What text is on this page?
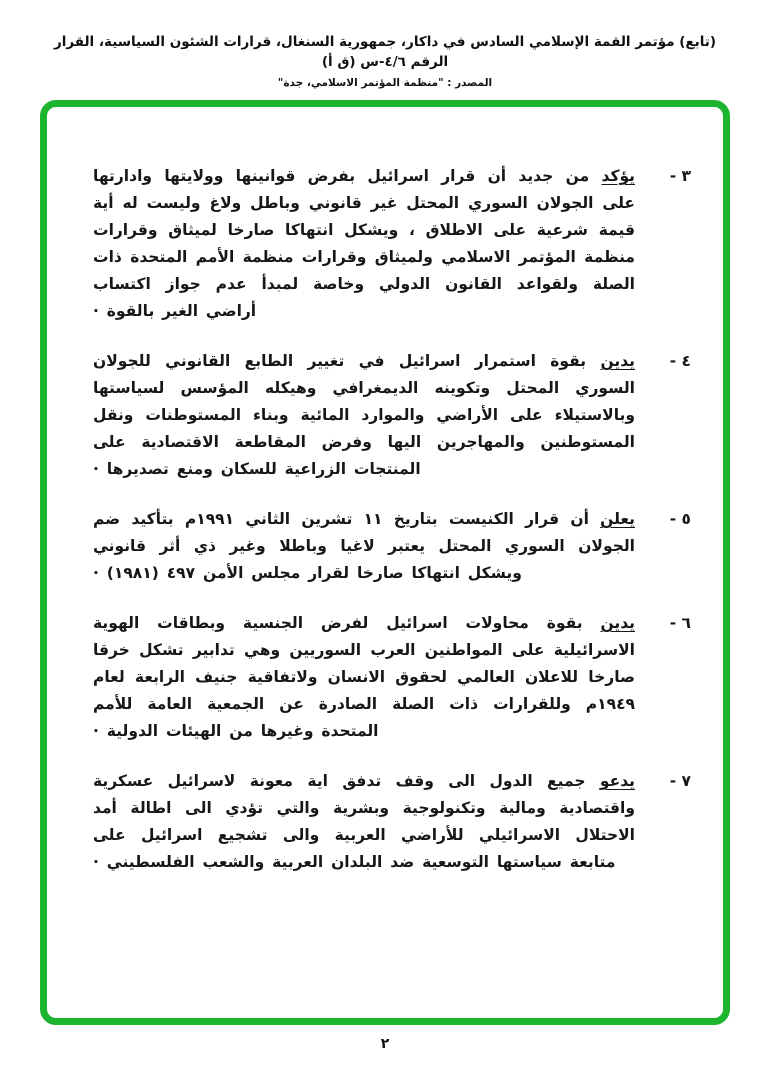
(تابع) مؤتمر القمة الإسلامي السادس في داكار، جمهورية السنغال، قرارات الشئون السياسية، القرار الرقم ٤/٦-س (ق أ)
المصدر : "منظمة المؤتمر الاسلامي، جدة"
٣ -
يؤكد من جديد أن قرار اسرائيل بفرض قوانينها وولايتها وادارتها على الجولان السوري المحتل غير قانوني وباطل ولاغ وليست له أية قيمة شرعية على الاطلاق ، ويشكل انتهاكا صارخا لميثاق وقرارات منظمة المؤتمر الاسلامي ولميثاق وقرارات منظمة الأمم المتحدة ذات الصلة ولقواعد القانون الدولي وخاصة لمبدأ عدم جواز اكتساب أراضي الغير بالقوة ·
٤ -
يدين بقوة استمرار اسرائيل في تغيير الطابع القانوني للجولان السوري المحتل وتكوينه الديمغرافي وهيكله المؤسس لسياستها وبالاستيلاء على الأراضي والموارد المائية وبناء المستوطنات ونقل المستوطنين والمهاجرين اليها وفرض المقاطعة الاقتصادية على المنتجات الزراعية للسكان ومنع تصديرها ·
٥ -
يعلن أن قرار الكنيست بتاريخ ١١ تشرين الثاني ١٩٩١م بتأكيد ضم الجولان السوري المحتل يعتبر لاغيا وباطلا وغير ذي أثر قانوني ويشكل انتهاكا صارخا لقرار مجلس الأمن ٤٩٧ (١٩٨١) ·
٦ -
يدين بقوة محاولات اسرائيل لفرض الجنسية وبطاقات الهوية الاسرائيلية على المواطنين العرب السوريين وهي تدابير تشكل خرقا صارخا للاعلان العالمي لحقوق الانسان ولاتفاقية جنيف الرابعة لعام ١٩٤٩م وللقرارات ذات الصلة الصادرة عن الجمعية العامة للأمم المتحدة وغيرها من الهيئات الدولية ·
٧ -
يدعو جميع الدول الى وقف تدفق اية معونة لاسرائيل عسكرية واقتصادية ومالية وتكنولوجية وبشرية والتي تؤدي الى اطالة أمد الاحتلال الاسرائيلي للأراضي العربية والى تشجيع اسرائيل على متابعة سياستها التوسعية ضد البلدان العربية والشعب الفلسطيني ·
٢
